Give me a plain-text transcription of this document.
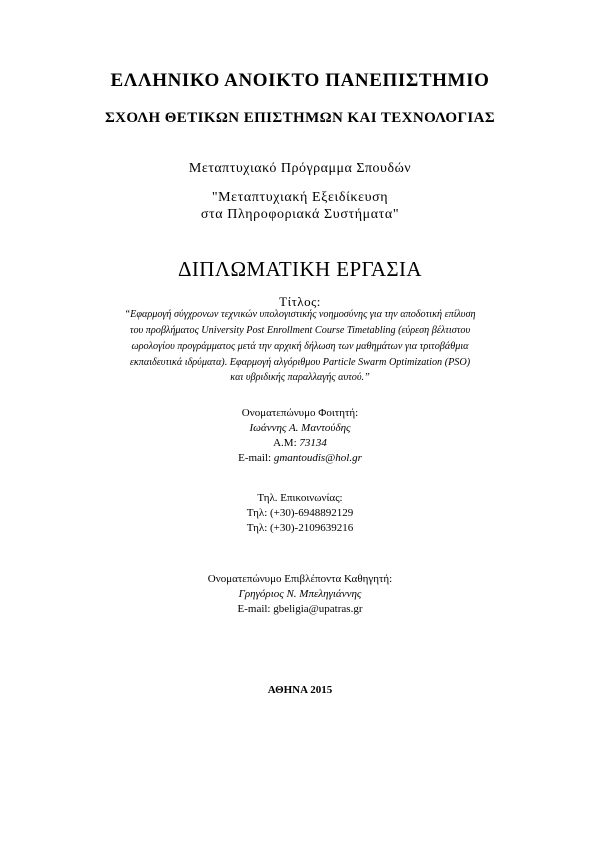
ΕΛΛΗΝΙΚΟ ΑΝΟΙΚΤΟ ΠΑΝΕΠΙΣΤΗΜΙΟ
ΣΧΟΛΗ ΘΕΤΙΚΩΝ ΕΠΙΣΤΗΜΩΝ ΚΑΙ ΤΕΧΝΟΛΟΓΙΑΣ
Μεταπτυχιακό Πρόγραμμα Σπουδών
"Μεταπτυχιακή Εξειδίκευση
στα Πληροφοριακά Συστήματα"
ΔΙΠΛΩΜΑΤΙΚΗ ΕΡΓΑΣΙΑ
Τίτλος:
“Εφαρμογή σύγχρονων τεχνικών υπολογιστικής νοημοσύνης για την αποδοτική επίλυση
του προβλήματος University Post Enrollment Course Timetabling (εύρεση βέλτιστου
ωρολογίου προγράμματος μετά την αρχική δήλωση των μαθημάτων για τριτοβάθμια
εκπαιδευτικά ιδρύματα). Εφαρμογή αλγόριθμου Particle Swarm Optimization (PSO)
και υβριδικής παραλλαγής αυτού.”
Ονοματεπώνυμο Φοιτητή:
Ιωάννης Α. Μαντούδης
Α.Μ: 73134
E-mail: gmantoudis@hol.gr
Τηλ. Επικοινωνίας:
Τηλ: (+30)-6948892129
Τηλ: (+30)-2109639216
Ονοματεπώνυμο Επιβλέποντα Καθηγητή:
Γρηγόριος Ν. Μπεληγιάννης
E-mail: gbeligia@upatras.gr
ΑΘΗΝΑ 2015
